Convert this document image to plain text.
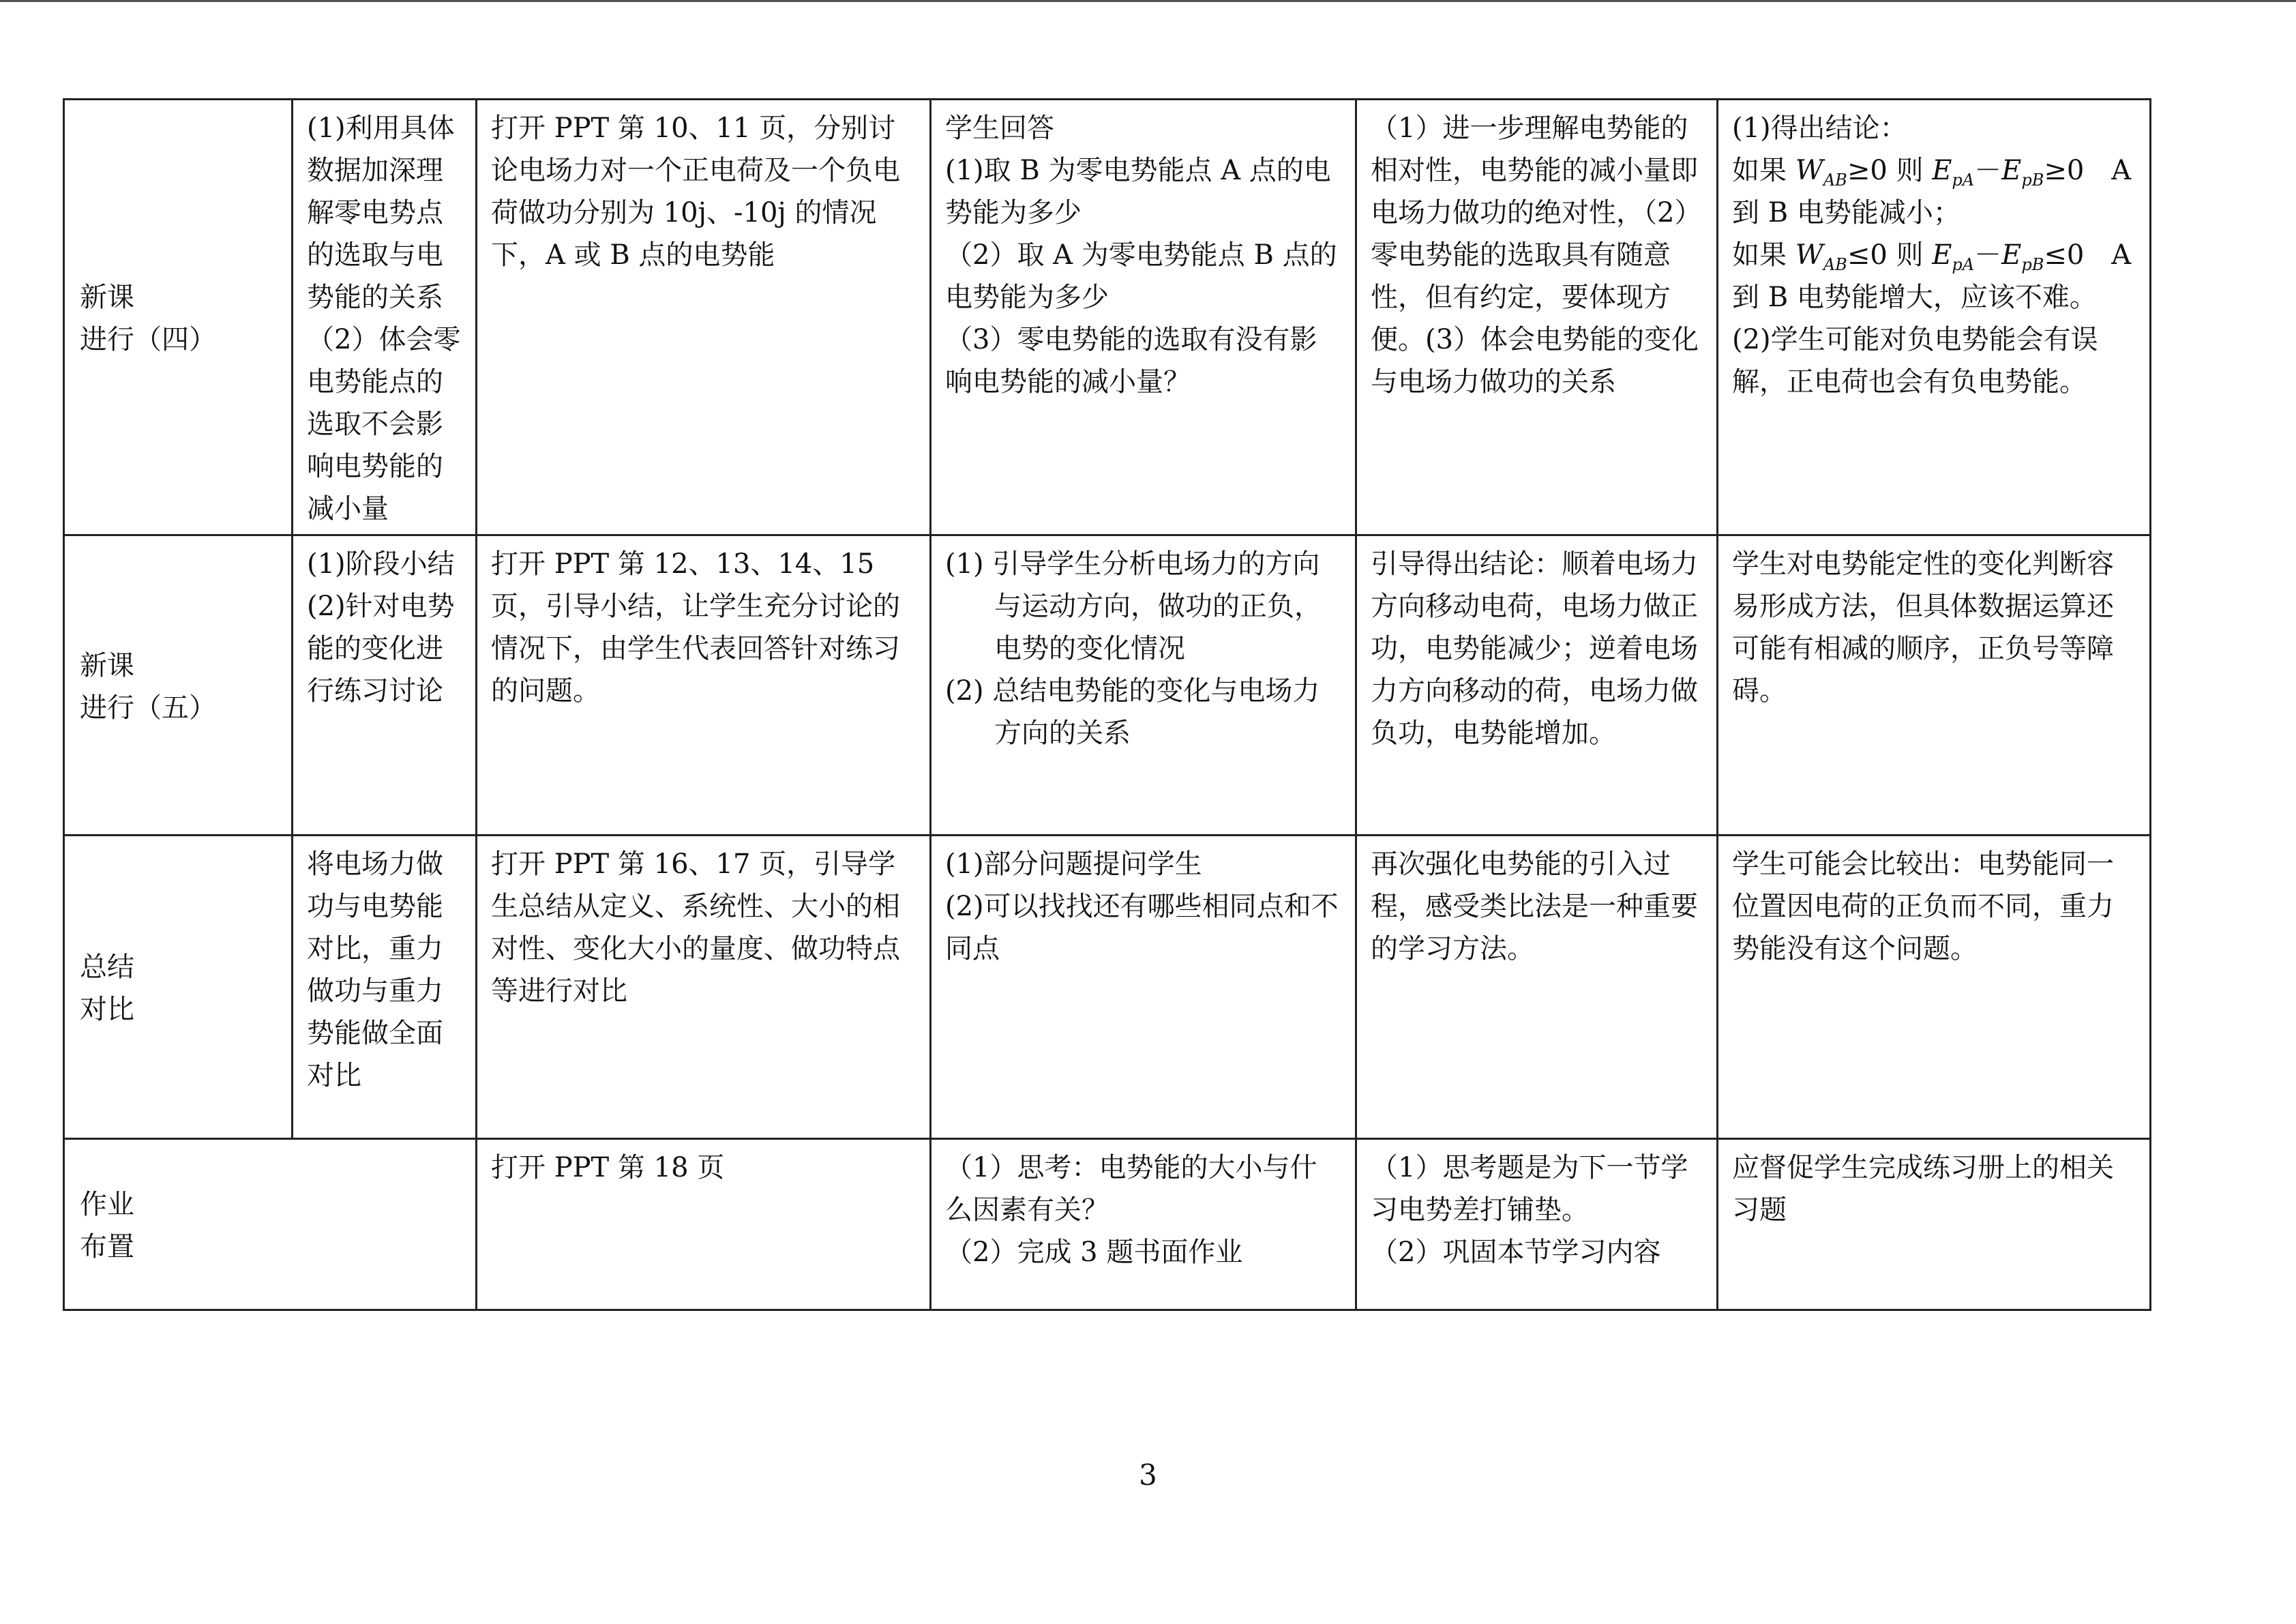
新课
进行（四）	(1)利用具体数据加深理解零电势点的选取与电势能的关系（2）体会零电势能点的选取不会影响电势能的减小量	打开 PPT 第 10、11 页，分别讨论电场力对一个正电荷及一个负电荷做功分别为 10j、-10j 的情况下，A 或 B 点的电势能	学生回答
(1)取 B 为零电势能点 A 点的电势能为多少
（2）取 A 为零电势能点 B 点的电势能为多少
（3）零电势能的选取有没有影响电势能的减小量？	（1）进一步理解电势能的相对性，电势能的减小量即电场力做功的绝对性，（2）零电势能的选取具有随意性，但有约定，要体现方便。(3）体会电势能的变化与电场力做功的关系	(1)得出结论：
如果 $W_{AB}\ge 0$ 则 $E_{pA}-E_{pB}\ge 0$　A 到 B 电势能减小；
如果 $W_{AB}\le 0$ 则 $E_{pA}-E_{pB}\le 0$　A 到 B 电势能增大，应该不难。
(2)学生可能对负电势能会有误解，正电荷也会有负电势能。

新课
进行（五）	(1)阶段小结
(2)针对电势能的变化进行练习讨论	打开 PPT 第 12、13、14、15 页，引导小结，让学生充分讨论的情况下，由学生代表回答针对练习的问题。	(1) 引导学生分析电场力的方向与运动方向，做功的正负，电势的变化情况
(2) 总结电势能的变化与电场力方向的关系	引导得出结论：顺着电场力方向移动电荷，电场力做正功，电势能减少；逆着电场力方向移动的荷，电场力做负功，电势能增加。	学生对电势能定性的变化判断容易形成方法，但具体数据运算还可能有相减的顺序，正负号等障碍。

总结
对比	将电场力做功与电势能对比，重力做功与重力势能做全面对比	打开 PPT 第 16、17 页，引导学生总结从定义、系统性、大小的相对性、变化大小的量度、做功特点等进行对比	(1)部分问题提问学生
(2)可以找找还有哪些相同点和不同点	再次强化电势能的引入过程，感受类比法是一种重要的学习方法。	学生可能会比较出：电势能同一位置因电荷的正负而不同，重力势能没有这个问题。

作业
布置		打开 PPT 第 18 页	（1）思考：电势能的大小与什么因素有关？
（2）完成 3 题书面作业	（1）思考题是为下一节学习电势差打铺垫。
（2）巩固本节学习内容	应督促学生完成练习册上的相关习题
3
